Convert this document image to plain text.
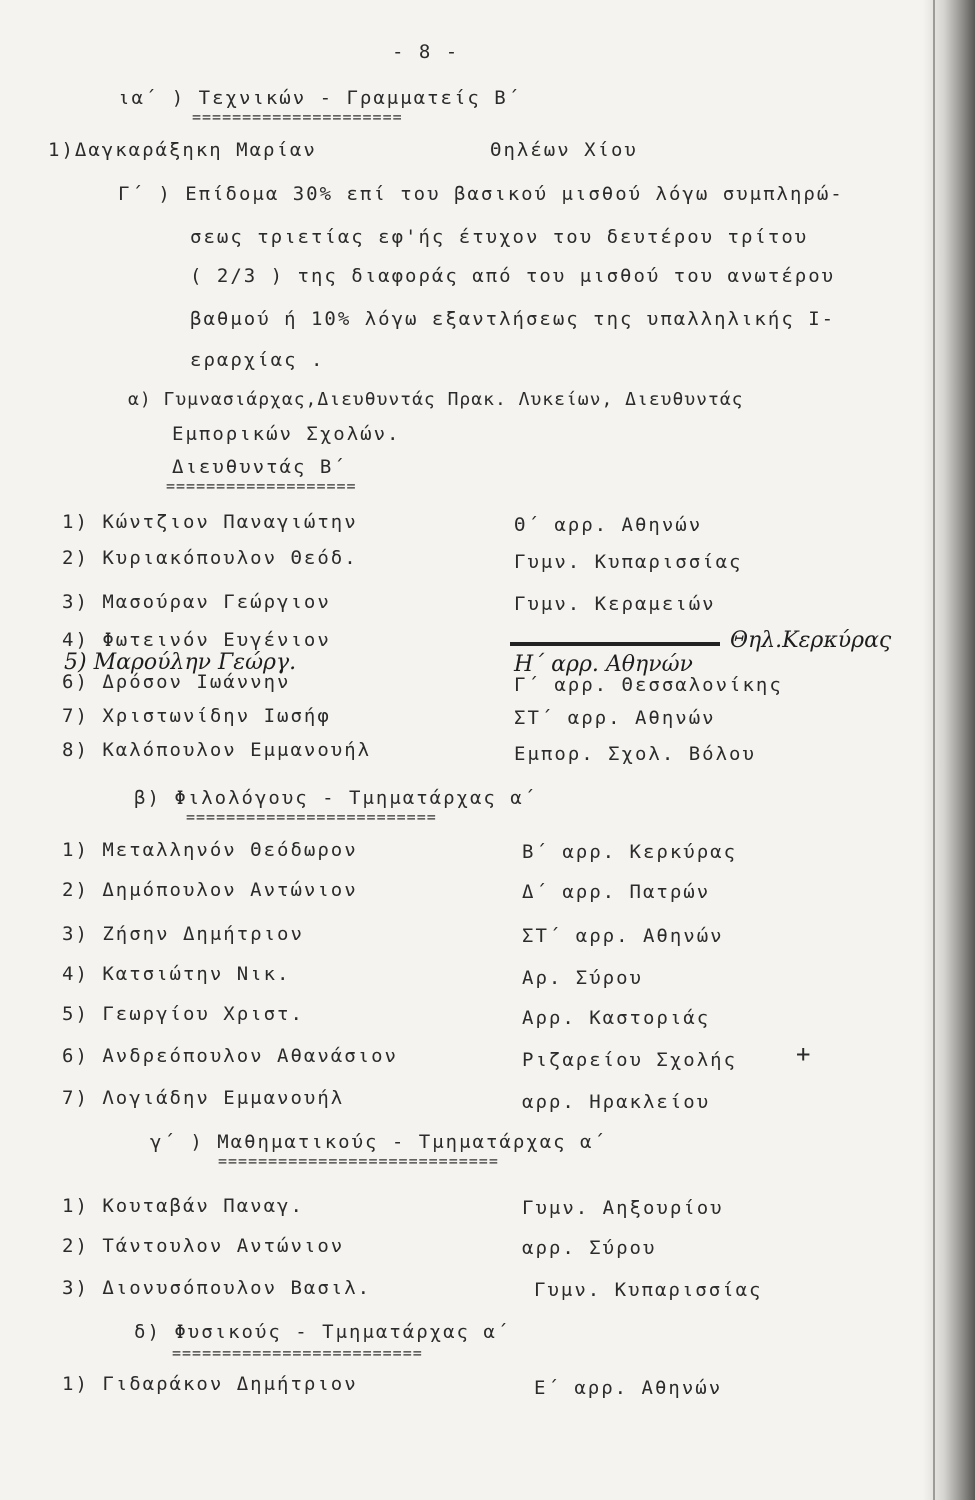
- 8 -
ια΄ ) Τεχνικών - Γραμματείς Β΄
=====================
1)Δαγκαράξηκη Μαρίαν	Θηλέων Χίου
Γ΄ ) Επίδομα 30% επί του βασικού μισθού λόγω συμπληρώ-
σεως τριετίας εφ'ής έτυχον του δευτέρου τρίτου
( 2/3 ) της διαφοράς από του μισθού του ανωτέρου
βαθμού ή 10% λόγω εξαντλήσεως της υπαλληλικής Ι-
εραρχίας .
α) Γυμνασιάρχας,Διευθυντάς Πρακ. Λυκείων, Διευθυντάς
Εμπορικών Σχολών.
Διευθυντάς Β΄
===================
1) Κώντζιον Παναγιώτην	Θ΄ αρρ. Αθηνών
2) Κυριακόπουλον Θεόδ.	Γυμν. Κυπαρισσίας
3) Μασούραν Γεώργιον	Γυμν. Κεραμειών
4) Φωτεινόν Ευγένιον	Θηλ.Κερκύρας
5) Μαρούλην Γεώργ.	Η΄ αρρ. Αθηνών
6) Δρόσον Ιωάννην	Γ΄ αρρ. Θεσσαλονίκης
7) Χριστωνίδην Ιωσήφ	ΣΤ΄ αρρ. Αθηνών
8) Καλόπουλον Εμμανουήλ	Εμπορ. Σχολ. Βόλου
β) Φιλολόγους - Τμηματάρχας α΄
=========================
1) Μεταλληνόν Θεόδωρον	Β΄ αρρ. Κερκύρας
2) Δημόπουλον Αντώνιον	Δ΄ αρρ. Πατρών
3) Ζήσην Δημήτριον	ΣΤ΄ αρρ. Αθηνών
4) Κατσιώτην Νικ.	Αρ. Σύρου
5) Γεωργίου Χριστ.	Αρρ. Καστοριάς
6) Ανδρεόπουλον Αθανάσιον	Ριζαρείου Σχολής +
7) Λογιάδην Εμμανουήλ	αρρ. Ηρακλείου
γ΄ ) Μαθηματικούς - Τμηματάρχας α΄
============================
1) Κουταβάν Παναγ.	Γυμν. Αηξουρίου
2) Τάντουλον Αντώνιον	αρρ. Σύρου
3) Διονυσόπουλον Βασιλ.	Γυμν. Κυπαρισσίας
δ) Φυσικούς - Τμηματάρχας α΄
=========================
1) Γιδαράκον Δημήτριον	Ε΄ αρρ. Αθηνών
